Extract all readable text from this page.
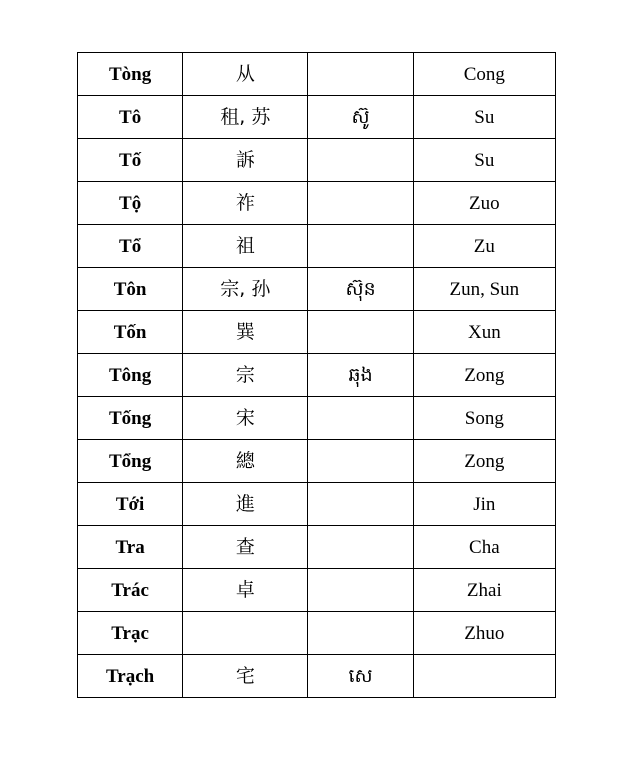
Tòng	从		Cong
Tô	租, 苏	ស៊ូ	Su
Tố	訴		Su
Tộ	祚		Zuo
Tổ	祖		Zu
Tôn	宗, 孙	ស៊ុន	Zun, Sun
Tốn	巽		Xun
Tông	宗	ឆុង	Zong
Tống	宋		Song
Tổng	總		Zong
Tới	進		Jin
Tra	查		Cha
Trác	卓		Zhai
Trạc			Zhuo
Trạch	宅	សេ	
